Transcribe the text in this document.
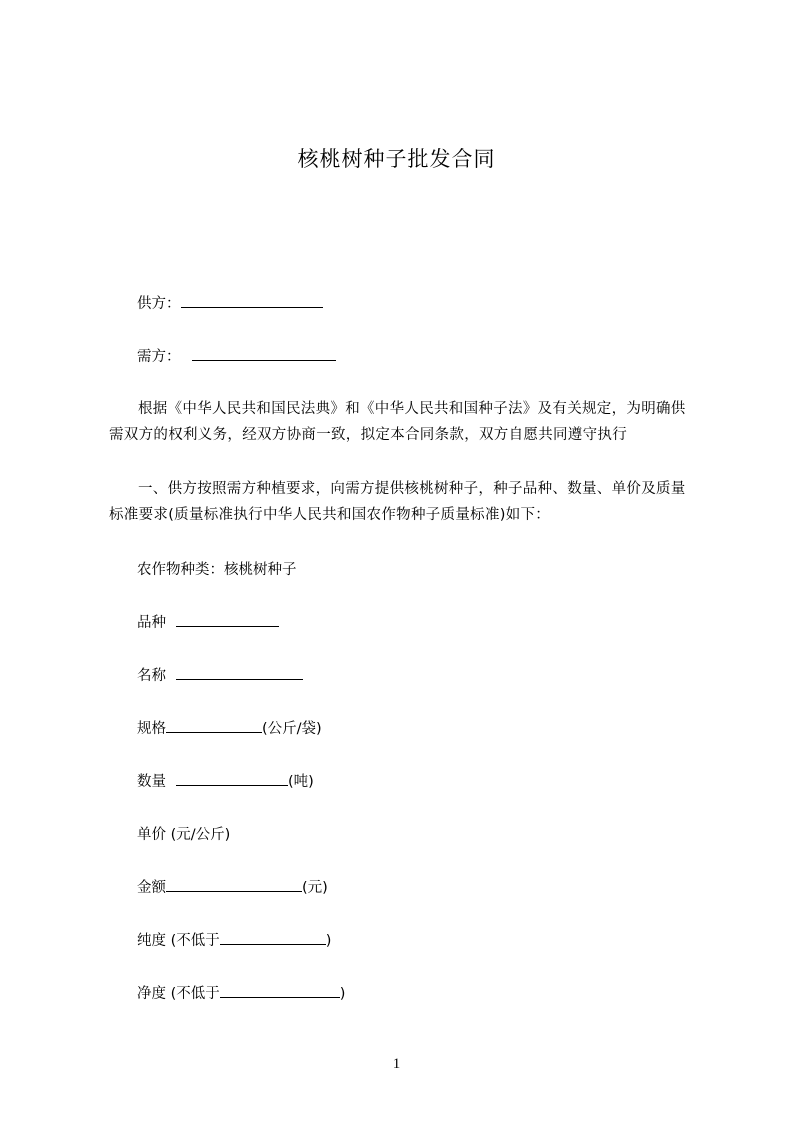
核桃树种子批发合同
供方：
需方：
根据《中华人民共和国民法典》和《中华人民共和国种子法》及有关规定，为明确供需双方的权利义务，经双方协商一致，拟定本合同条款，双方自愿共同遵守执行
一、供方按照需方种植要求，向需方提供核桃树种子，种子品种、数量、单价及质量标准要求(质量标准执行中华人民共和国农作物种子质量标准)如下：
农作物种类：核桃树种子
品种
名称
规格	(公斤/袋)
数量	(吨)
单价 (元/公斤)
金额	(元)
纯度 (不低于	)
净度 (不低于	)
1
